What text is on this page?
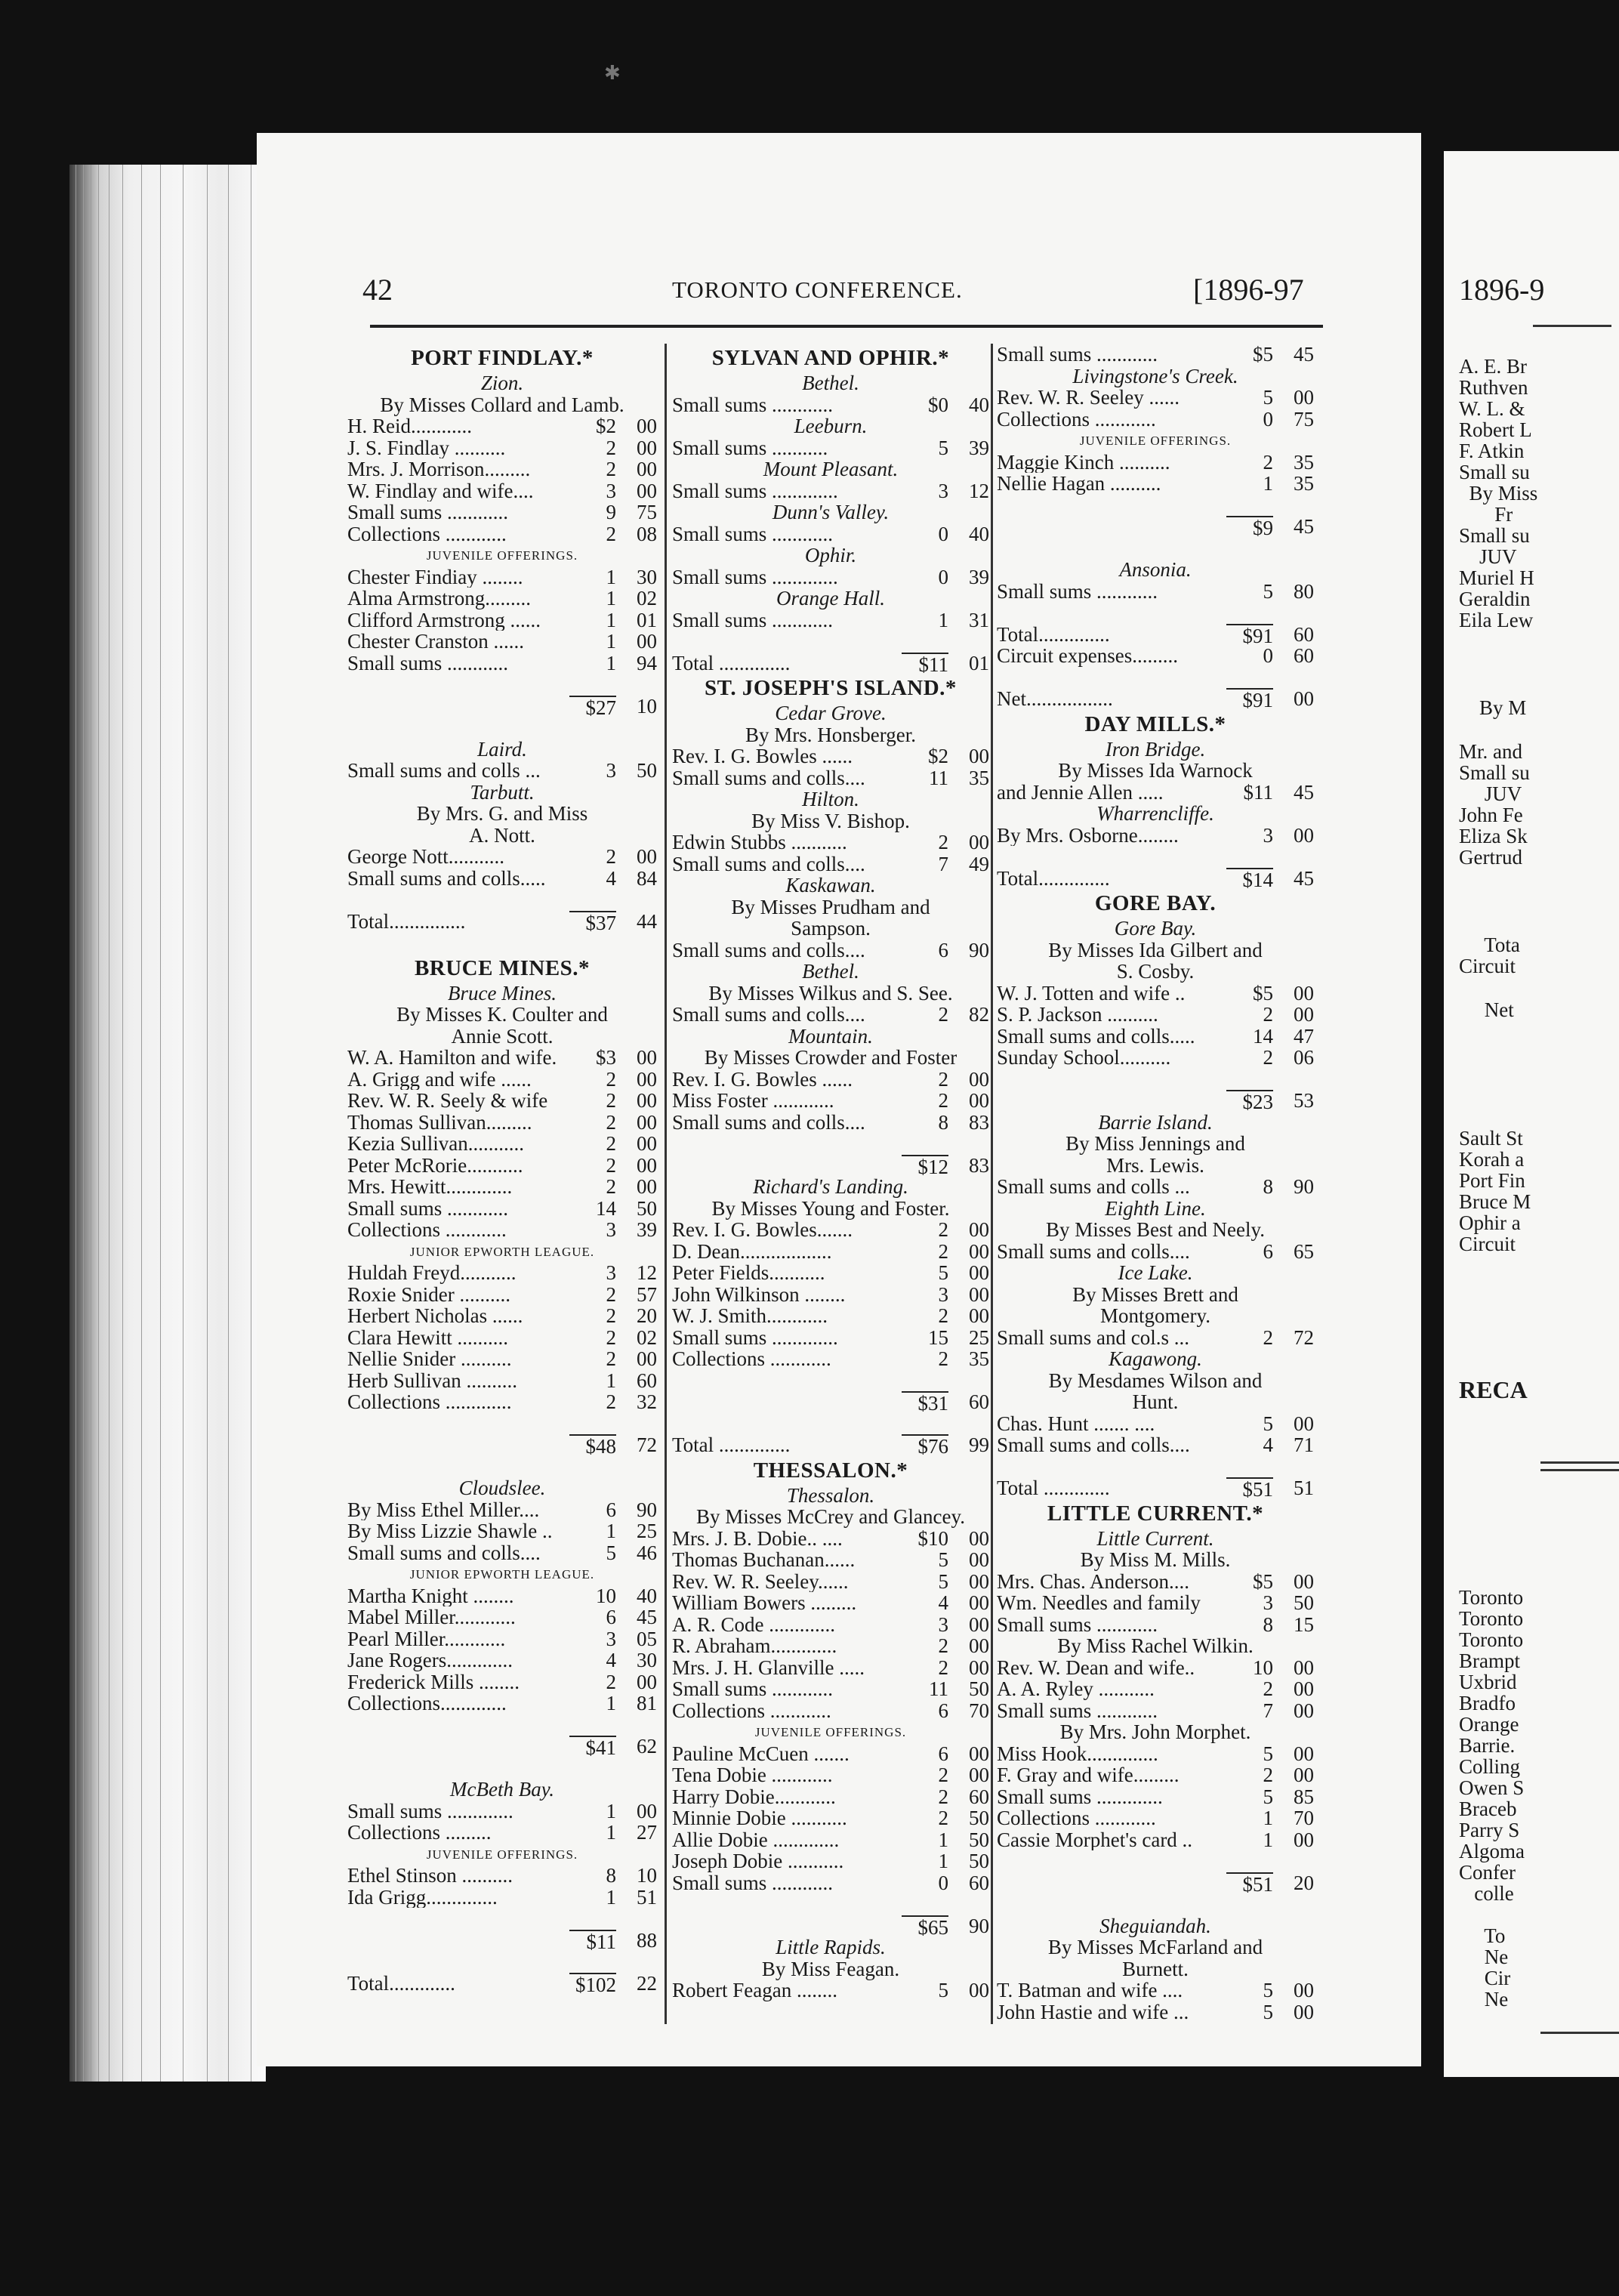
✱
42	TORONTO CONFERENCE.	[1896-97	1896-9
PORT FINDLAY.*
Zion.
By Misses Collard and Lamb.
H. Reid............	$2	00
J. S. Findlay ..........	2	00
Mrs. J. Morrison.........	2	00
W. Findlay and wife....	3	00
Small sums ............	9	75
Collections ............	2	08
JUVENILE OFFERINGS.
Chester Findiay ........	1	30
Alma Armstrong.........	1	02
Clifford Armstrong ......	1	01
Chester Cranston ......	1	00
Small sums ............	1	94
$27	10
Laird.
Small sums and colls ...	3	50
Tarbutt.
By Mrs. G. and Miss
A. Nott.
George Nott...........	2	00
Small sums and colls.....	4	84
Total...............	$37	44
BRUCE MINES.*
Bruce Mines.
By Misses K. Coulter and
Annie Scott.
W. A. Hamilton and wife.	$3	00
A. Grigg and wife ......	2	00
Rev. W. R. Seely & wife	2	00
Thomas Sullivan.........	2	00
Kezia Sullivan...........	2	00
Peter McRorie...........	2	00
Mrs. Hewitt.............	2	00
Small sums ............	14	50
Collections ............	3	39
JUNIOR EPWORTH LEAGUE.
Huldah Freyd...........	3	12
Roxie Snider ..........	2	57
Herbert Nicholas ......	2	20
Clara Hewitt ..........	2	02
Nellie Snider ..........	2	00
Herb Sullivan ..........	1	60
Collections .............	2	32
$48	72
Cloudslee.
By Miss Ethel Miller....	6	90
By Miss Lizzie Shawle ..	1	25
Small sums and colls....	5	46
JUNIOR EPWORTH LEAGUE.
Martha Knight ........	10	40
Mabel Miller............	6	45
Pearl Miller............	3	05
Jane Rogers.............	4	30
Frederick Mills ........	2	00
Collections.............	1	81
$41	62
McBeth Bay.
Small sums .............	1	00
Collections .........	1	27
JUVENILE OFFERINGS.
Ethel Stinson ..........	8	10
Ida Grigg..............	1	51
$11	88
Total.............	$102	22
SYLVAN AND OPHIR.*
Bethel.
Small sums ............	$0	40
Leeburn.
Small sums ...........	5	39
Mount Pleasant.
Small sums .............	3	12
Dunn's Valley.
Small sums ............	0	40
Ophir.
Small sums .............	0	39
Orange Hall.
Small sums ............	1	31
Total ..............	$11	01
ST. JOSEPH'S ISLAND.*
Cedar Grove.
By Mrs. Honsberger.
Rev. I. G. Bowles ......	$2	00
Small sums and colls....	11	35
Hilton.
By Miss V. Bishop.
Edwin Stubbs ...........	2	00
Small sums and colls....	7	49
Kaskawan.
By Misses Prudham and
Sampson.
Small sums and colls....	6	90
Bethel.
By Misses Wilkus and S. See.
Small sums and colls....	2	82
Mountain.
By Misses Crowder and Foster
Rev. I. G. Bowles ......	2	00
Miss Foster ............	2	00
Small sums and colls....	8	83
$12	83
Richard's Landing.
By Misses Young and Foster.
Rev. I. G. Bowles.......	2	00
D. Dean..................	2	00
Peter Fields...........	5	00
John Wilkinson ........	3	00
W. J. Smith............	2	00
Small sums .............	15	25
Collections ............	2	35
$31	60
Total ..............	$76	99
THESSALON.*
Thessalon.
By Misses McCrey and Glancey.
Mrs. J. B. Dobie.. ....	$10	00
Thomas Buchanan......	5	00
Rev. W. R. Seeley......	5	00
William Bowers .........	4	00
A. R. Code .............	3	00
R. Abraham.............	2	00
Mrs. J. H. Glanville .....	2	00
Small sums ............	11	50
Collections ............	6	70
JUVENILE OFFERINGS.
Pauline McCuen .......	6	00
Tena Dobie ............	2	00
Harry Dobie............	2	60
Minnie Dobie ...........	2	50
Allie Dobie .............	1	50
Joseph Dobie ...........	1	50
Small sums ............	0	60
$65	90
Little Rapids.
By Miss Feagan.
Robert Feagan ........	5	00
Small sums ............	$5	45
Livingstone's Creek.
Rev. W. R. Seeley ......	5	00
Collections ............	0	75
JUVENILE OFFERINGS.
Maggie Kinch ..........	2	35
Nellie Hagan ..........	1	35
$9	45
Ansonia.
Small sums ............	5	80
Total..............	$91	60
Circuit expenses.........	0	60
Net.................	$91	00
DAY MILLS.*
Iron Bridge.
By Misses Ida Warnock
and Jennie Allen .....	$11	45
Wharrencliffe.
By Mrs. Osborne........	3	00
Total..............	$14	45
GORE BAY.
Gore Bay.
By Misses Ida Gilbert and
S. Cosby.
W. J. Totten and wife ..	$5	00
S. P. Jackson ..........	2	00
Small sums and colls.....	14	47
Sunday School..........	2	06
$23	53
Barrie Island.
By Miss Jennings and
Mrs. Lewis.
Small sums and colls ...	8	90
Eighth Line.
By Misses Best and Neely.
Small sums and colls....	6	65
Ice Lake.
By Misses Brett and
Montgomery.
Small sums and col.s ...	2	72
Kagawong.
By Mesdames Wilson and
Hunt.
Chas. Hunt ....... ....	5	00
Small sums and colls....	4	71
Total .............	$51	51
LITTLE CURRENT.*
Little Current.
By Miss M. Mills.
Mrs. Chas. Anderson....	$5	00
Wm. Needles and family	3	50
Small sums ............	8	15
By Miss Rachel Wilkin.
Rev. W. Dean and wife..	10	00
A. A. Ryley ...........	2	00
Small sums ............	7	00
By Mrs. John Morphet.
Miss Hook..............	5	00
F. Gray and wife.........	2	00
Small sums .............	5	85
Collections ............	1	70
Cassie Morphet's card ..	1	00
$51	20
Sheguiandah.
By Misses McFarland and
Burnett.
T. Batman and wife ....	5	00
John Hastie and wife ...	5	00
A. E. Br
Ruthven
W. L. &
Robert L
F. Atkin
Small su
By Miss
Fr
Small su
JUV
Muriel H
Geraldin
Eila Lew
By M
Mr. and
Small su
JUV
John Fe
Eliza Sk
Gertrud
Tota
Circuit
Net
Sault St
Korah a
Port Fin
Bruce M
Ophir a
Circuit
RECA
Toronto
Toronto
Toronto
Brampt
Uxbrid
Bradfo
Orange
Barrie.
Colling
Owen S
Braceb
Parry S
Algoma
Confer
colle
To
Ne
Cir
Ne
